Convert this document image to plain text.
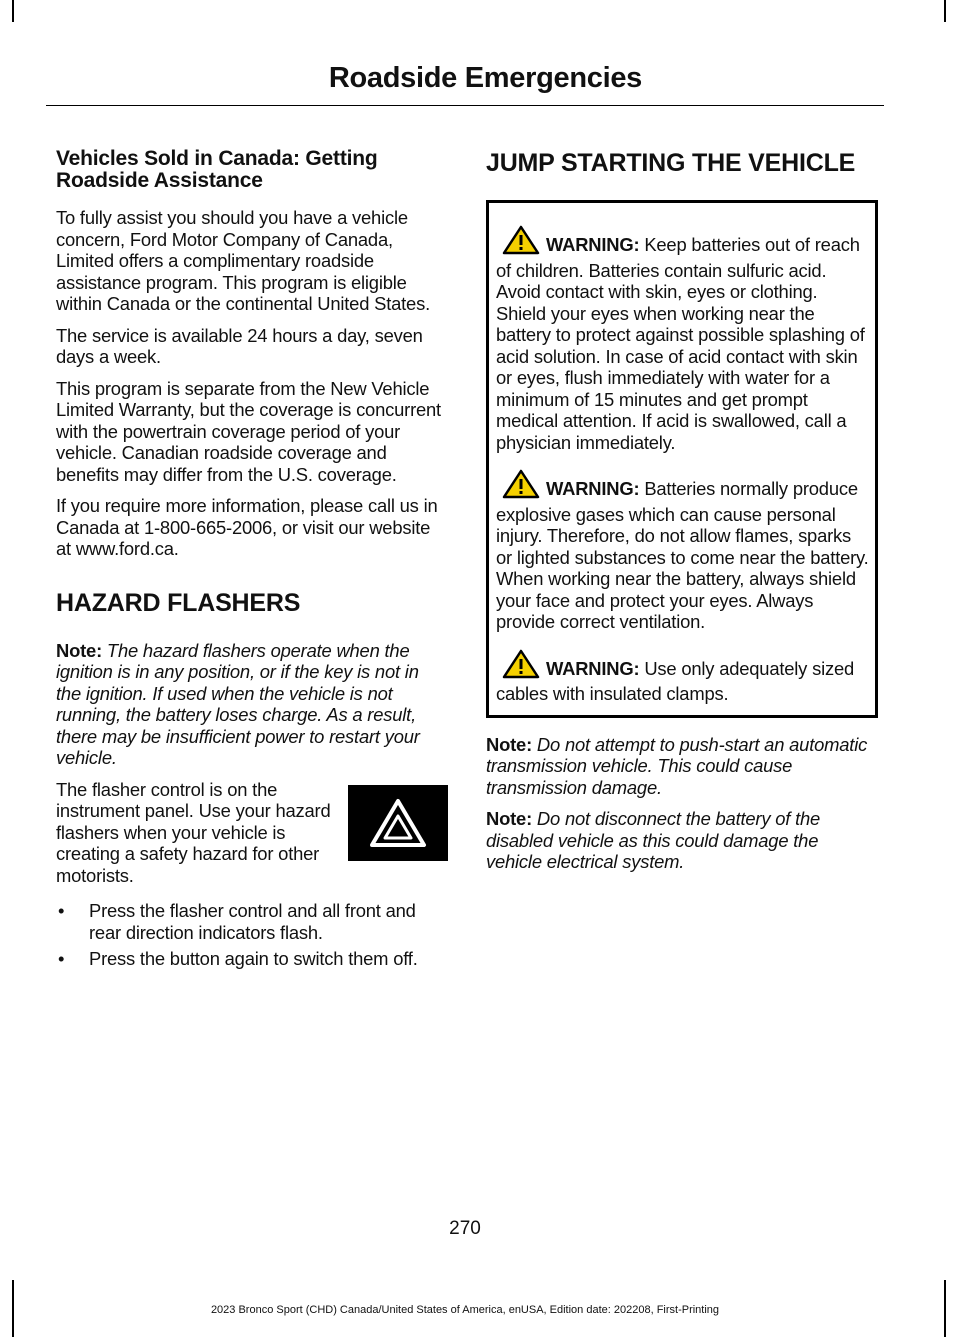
Roadside Emergencies
Vehicles Sold in Canada: Getting Roadside Assistance

To fully assist you should you have a vehicle concern, Ford Motor Company of Canada, Limited offers a complimentary roadside assistance program. This program is eligible within Canada or the continental United States.

The service is available 24 hours a day, seven days a week.

This program is separate from the New Vehicle Limited Warranty, but the coverage is concurrent with the powertrain coverage period of your vehicle. Canadian roadside coverage and benefits may differ from the U.S. coverage.

If you require more information, please call us in Canada at 1-800-665-2006, or visit our website at www.ford.ca.

HAZARD FLASHERS

Note: The hazard flashers operate when the ignition is in any position, or if the key is not in the ignition. If used when the vehicle is not running, the battery loses charge. As a result, there may be insufficient power to restart your vehicle.

The flasher control is on the instrument panel. Use your hazard flashers when your vehicle is creating a safety hazard for other motorists.
• Press the flasher control and all front and rear direction indicators flash.
• Press the button again to switch them off.
JUMP STARTING THE VEHICLE

WARNING: Keep batteries out of reach of children. Batteries contain sulfuric acid. Avoid contact with skin, eyes or clothing. Shield your eyes when working near the battery to protect against possible splashing of acid solution. In case of acid contact with skin or eyes, flush immediately with water for a minimum of 15 minutes and get prompt medical attention. If acid is swallowed, call a physician immediately.

WARNING: Batteries normally produce explosive gases which can cause personal injury. Therefore, do not allow flames, sparks or lighted substances to come near the battery. When working near the battery, always shield your face and protect your eyes. Always provide correct ventilation.

WARNING: Use only adequately sized cables with insulated clamps.

Note: Do not attempt to push-start an automatic transmission vehicle. This could cause transmission damage.

Note: Do not disconnect the battery of the disabled vehicle as this could damage the vehicle electrical system.

270
2023 Bronco Sport (CHD) Canada/United States of America, enUSA, Edition date: 202208, First-Printing
